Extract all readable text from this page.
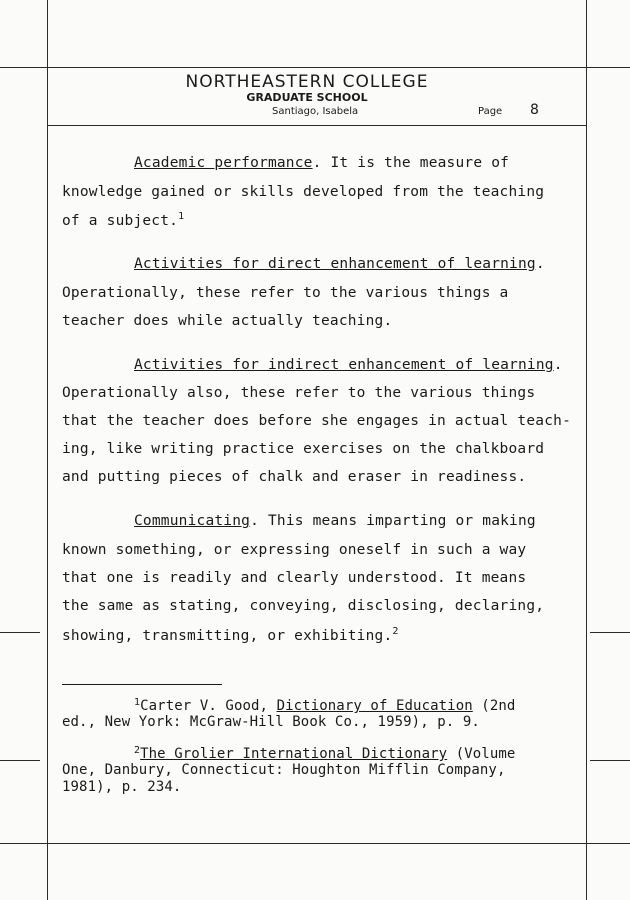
NORTHEASTERN COLLEGE
GRADUATE SCHOOL
Santiago, Isabela	Page 8
Academic performance. It is the measure of
knowledge gained or skills developed from the teaching
of a subject.$^1$
Activities for direct enhancement of learning.
Operationally, these refer to the various things a
teacher does while actually teaching.
Activities for indirect enhancement of learning.
Operationally also, these refer to the various things
that the teacher does before she engages in actual teach-
ing, like writing practice exercises on the chalkboard
and putting pieces of chalk and eraser in readiness.
Communicating. This means imparting or making
known something, or expressing oneself in such a way
that one is readily and clearly understood. It means
the same as stating, conveying, disclosing, declaring,
showing, transmitting, or exhibiting.$^2$
$^1$Carter V. Good, Dictionary of Education (2nd
ed., New York: McGraw-Hill Book Co., 1959), p. 9.
$^2$The Grolier International Dictionary (Volume
One, Danbury, Connecticut: Houghton Mifflin Company,
1981), p. 234.
